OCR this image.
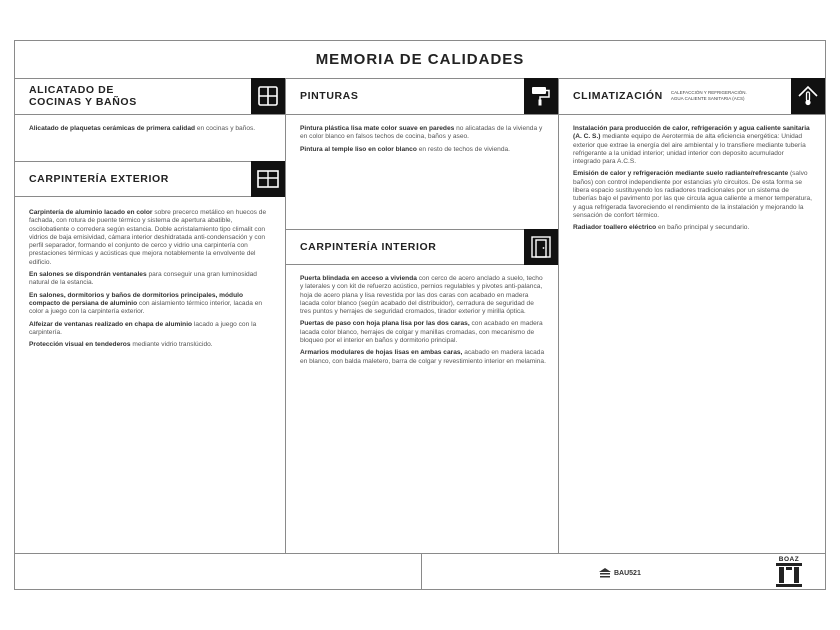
MEMORIA DE CALIDADES
ALICATADO DE
COCINAS Y BAÑOS

Alicatado de plaquetas cerámicas de primera calidad en cocinas y baños.

CARPINTERÍA EXTERIOR

Carpintería de aluminio lacado en color sobre precerco metálico en huecos de fachada, con rotura de puente térmico y sistema de apertura abatible, oscilobatiente o corredera según estancia. Doble acristalamiento tipo climalit con vidrios de baja emisividad, cámara interior deshidratada anti-condensación y con perfil separador, formando el conjunto de cerco y vidrio una carpintería con prestaciones térmicas y acústicas que mejora notablemente la envolvente del edificio.

En salones se dispondrán ventanales para conseguir una gran luminosidad natural de la estancia.

En salones, dormitorios y baños de dormitorios principales, módulo compacto de persiana de aluminio con aislamiento térmico interior, lacada en color a juego con la carpintería exterior.

Alfeizar de ventanas realizado en chapa de aluminio lacado a juego con la carpintería.

Protección visual en tendederos mediante vidrio translúcido.

PINTURAS

Pintura plástica lisa mate color suave en paredes no alicatadas de la vivienda y en color blanco en falsos techos de cocina, baños y aseo.

Pintura al temple liso en color blanco en resto de techos de vivienda.

CARPINTERÍA INTERIOR

Puerta blindada en acceso a vivienda con cerco de acero anclado a suelo, techo y laterales y con kit de refuerzo acústico, pernios regulables y pivotes anti-palanca, hoja de acero plana y lisa revestida por las dos caras con acabado en madera lacada color blanco (según acabado del distribuidor), cerradura de seguridad de tres puntos y herrajes de seguridad cromados, tirador exterior y mirilla óptica.

Puertas de paso con hoja plana lisa por las dos caras, con acabado en madera lacada color blanco, herrajes de colgar y manillas cromadas, con mecanismo de bloqueo por el interior en baños y dormitorio principal.

Armarios modulares de hojas lisas en ambas caras, acabado en madera lacada en blanco, con balda maletero, barra de colgar y revestimiento interior en melamina.

CLIMATIZACIÓN CALEFACCIÓN Y REFRIGERACIÓN.
AGUA CALIENTE SANITARIA (ACS)

Instalación para producción de calor, refrigeración y agua caliente sanitaria (A. C. S.) mediante equipo de Aerotermia de alta eficiencia energética: Unidad exterior que extrae la energía del aire ambiental y lo transfiere mediante tubería refrigerante a la unidad interior; unidad interior con deposito acumulador integrado para A.C.S.

Emisión de calor y refrigeración mediante suelo radiante/refrescante (salvo baños) con control independiente por estancias y/o circuitos. De esta forma se libera espacio sustituyendo los radiadores tradicionales por un sistema de tuberías bajo el pavimento por las que circula agua caliente a menor temperatura, y agua refrigerada favoreciendo el rendimiento de la instalación y mejorando la sensación de confort térmico.

Radiador toallero eléctrico en baño principal y secundario.

BAU521
BOAZ
